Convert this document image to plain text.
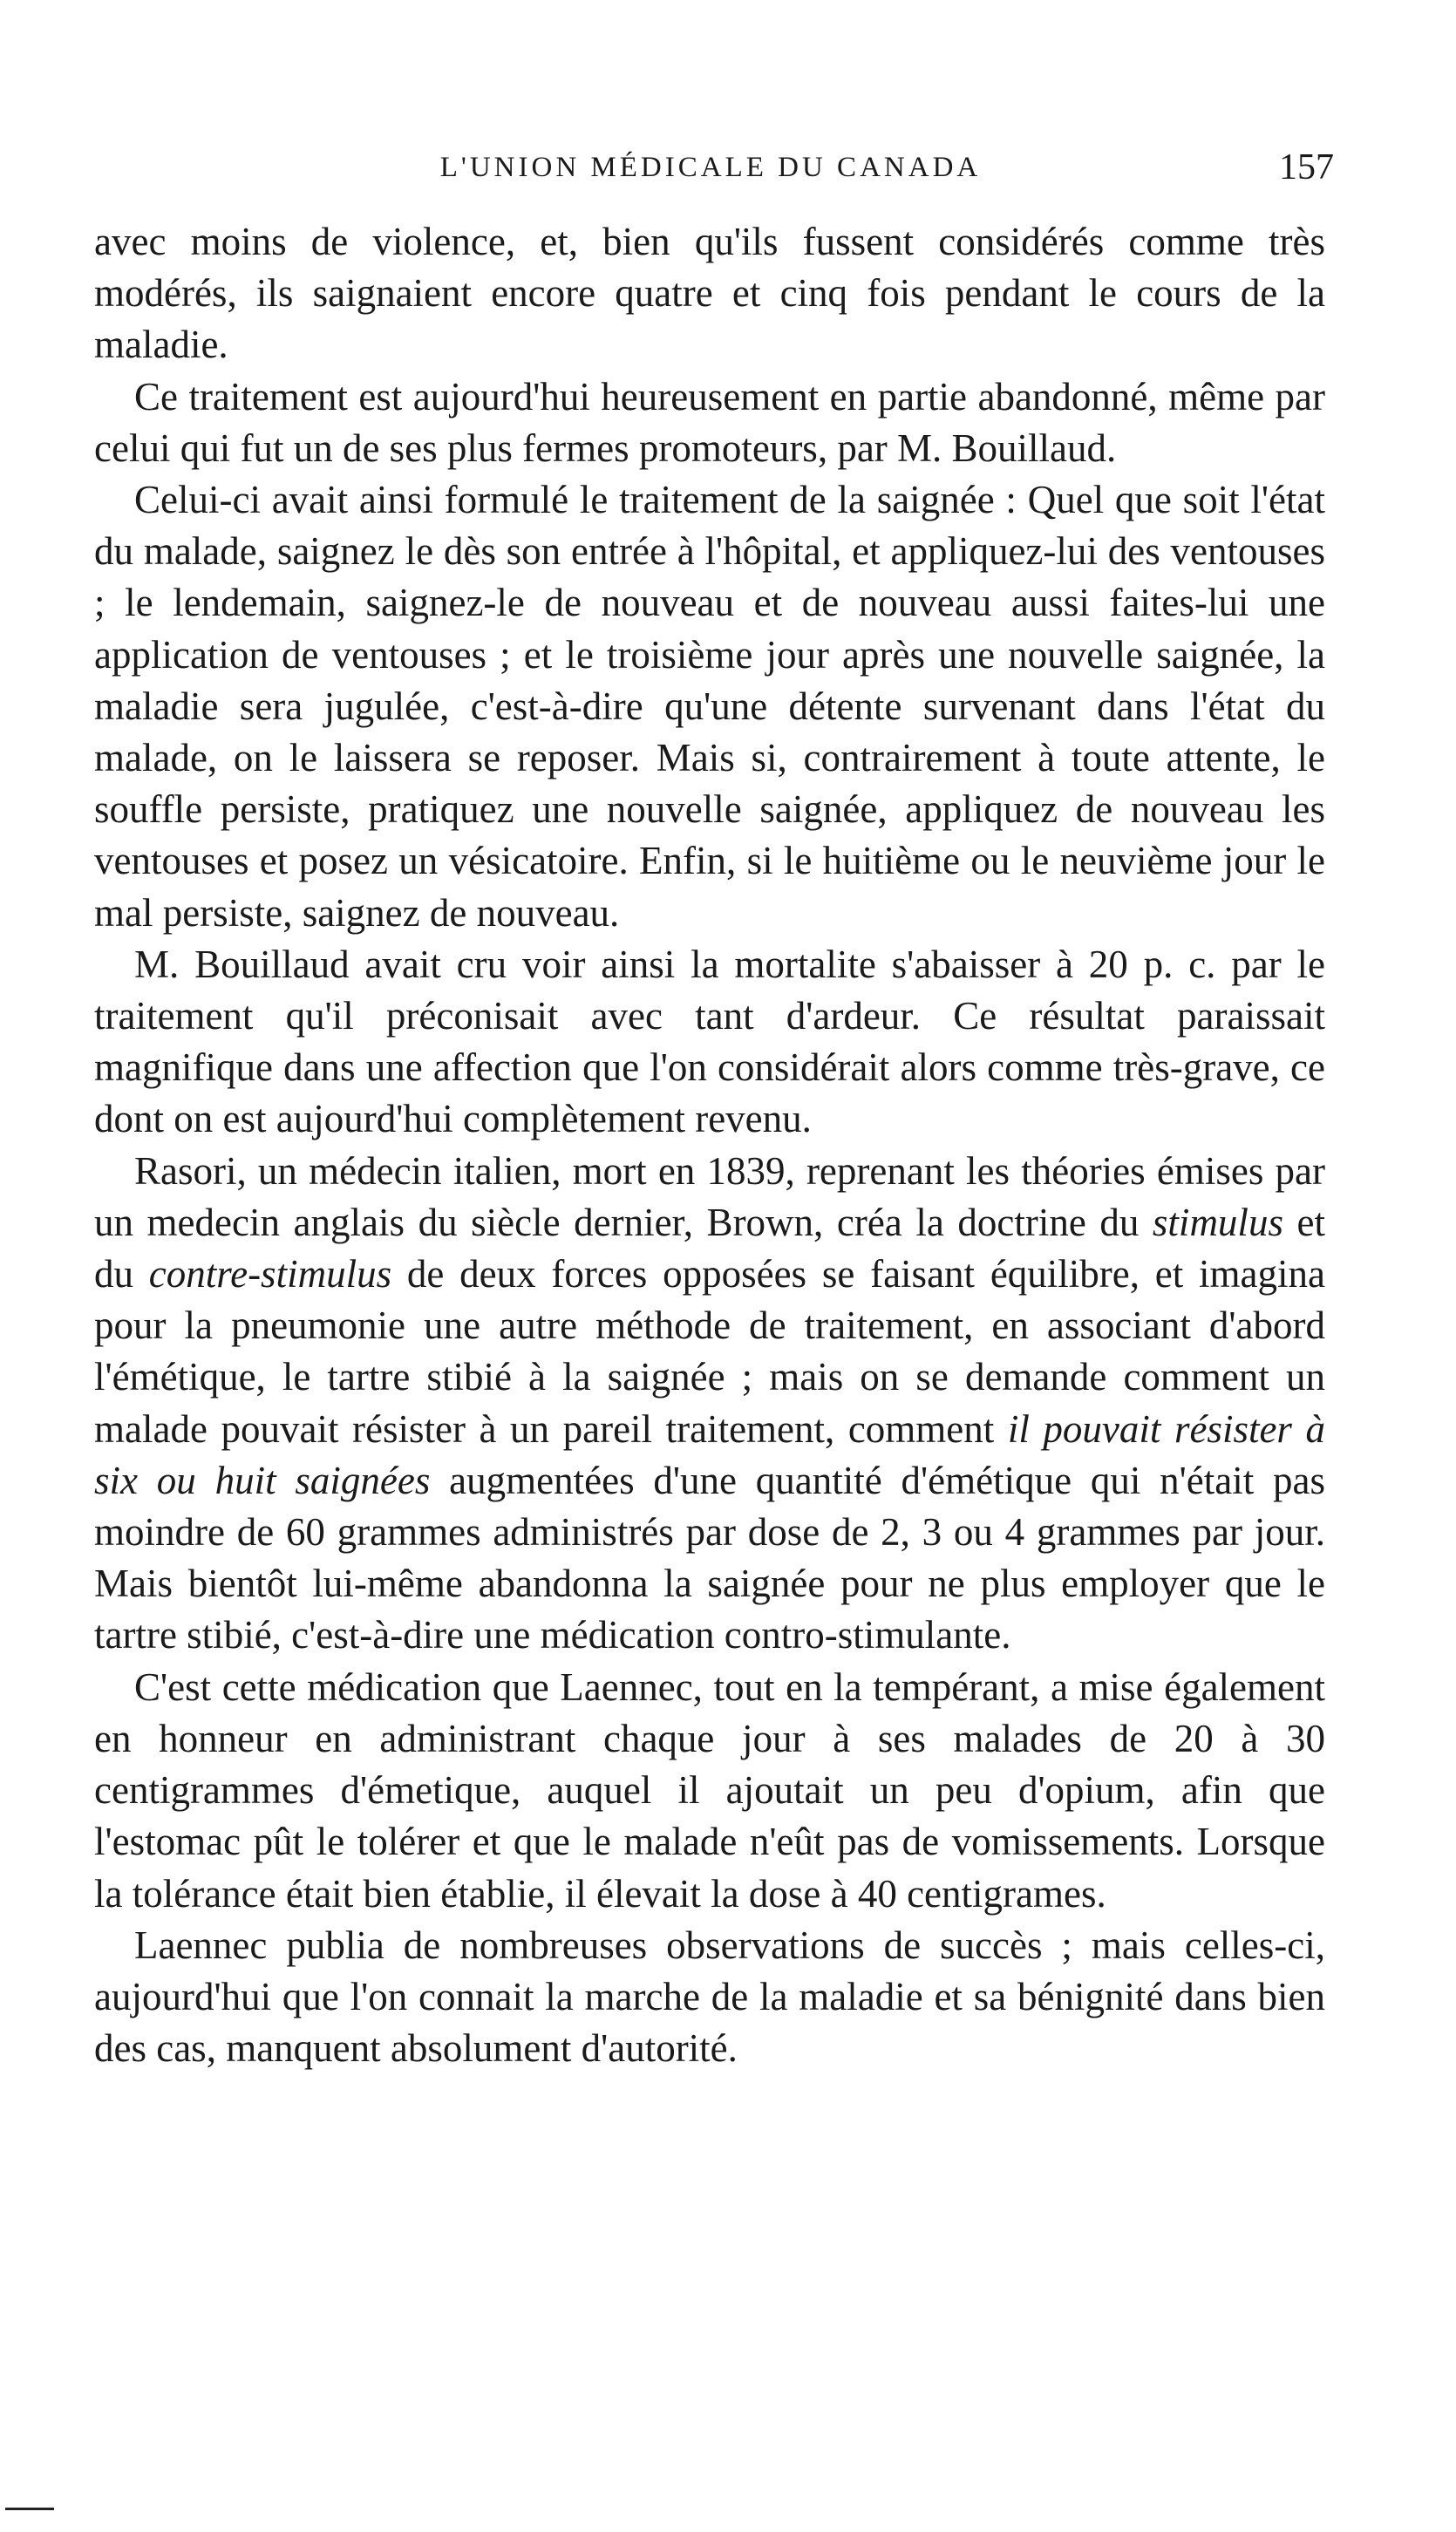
L'UNION MÉDICALE DU CANADA	157

avec moins de violence, et, bien qu'ils fussent considérés comme très modérés, ils saignaient encore quatre et cinq fois pendant le cours de la maladie.

Ce traitement est aujourd'hui heureusement en partie abandonné, même par celui qui fut un de ses plus fermes promoteurs, par M. Bouillaud.

Celui-ci avait ainsi formulé le traitement de la saignée : Quel que soit l'état du malade, saignez le dès son entrée à l'hôpital, et appliquez-lui des ventouses ; le lendemain, saignez-le de nouveau et de nouveau aussi faites-lui une application de ventouses ; et le troisième jour après une nouvelle saignée, la maladie sera jugulée, c'est-à-dire qu'une détente survenant dans l'état du malade, on le laissera se reposer. Mais si, contrairement à toute attente, le souffle persiste, pratiquez une nouvelle saignée, appliquez de nouveau les ventouses et posez un vésicatoire. Enfin, si le huitième ou le neuvième jour le mal persiste, saignez de nouveau.

M. Bouillaud avait cru voir ainsi la mortalite s'abaisser à 20 p. c. par le traitement qu'il préconisait avec tant d'ardeur. Ce résultat paraissait magnifique dans une affection que l'on considérait alors comme très-grave, ce dont on est aujourd'hui complètement revenu.

Rasori, un médecin italien, mort en 1839, reprenant les théories émises par un medecin anglais du siècle dernier, Brown, créa la doctrine du stimulus et du contre-stimulus de deux forces opposées se faisant équilibre, et imagina pour la pneumonie une autre méthode de traitement, en associant d'abord l'émétique, le tartre stibié à la saignée ; mais on se demande comment un malade pouvait résister à un pareil traitement, comment il pouvait résister à six ou huit saignées augmentées d'une quantité d'émétique qui n'était pas moindre de 60 grammes administrés par dose de 2, 3 ou 4 grammes par jour. Mais bientôt lui-même abandonna la saignée pour ne plus employer que le tartre stibié, c'est-à-dire une médication contro-stimulante.

C'est cette médication que Laennec, tout en la tempérant, a mise également en honneur en administrant chaque jour à ses malades de 20 à 30 centigrammes d'émetique, auquel il ajoutait un peu d'opium, afin que l'estomac pût le tolérer et que le malade n'eût pas de vomissements. Lorsque la tolérance était bien établie, il élevait la dose à 40 centigrames.

Laennec publia de nombreuses observations de succès ; mais celles-ci, aujourd'hui que l'on connait la marche de la maladie et sa bénignité dans bien des cas, manquent absolument d'autorité.
